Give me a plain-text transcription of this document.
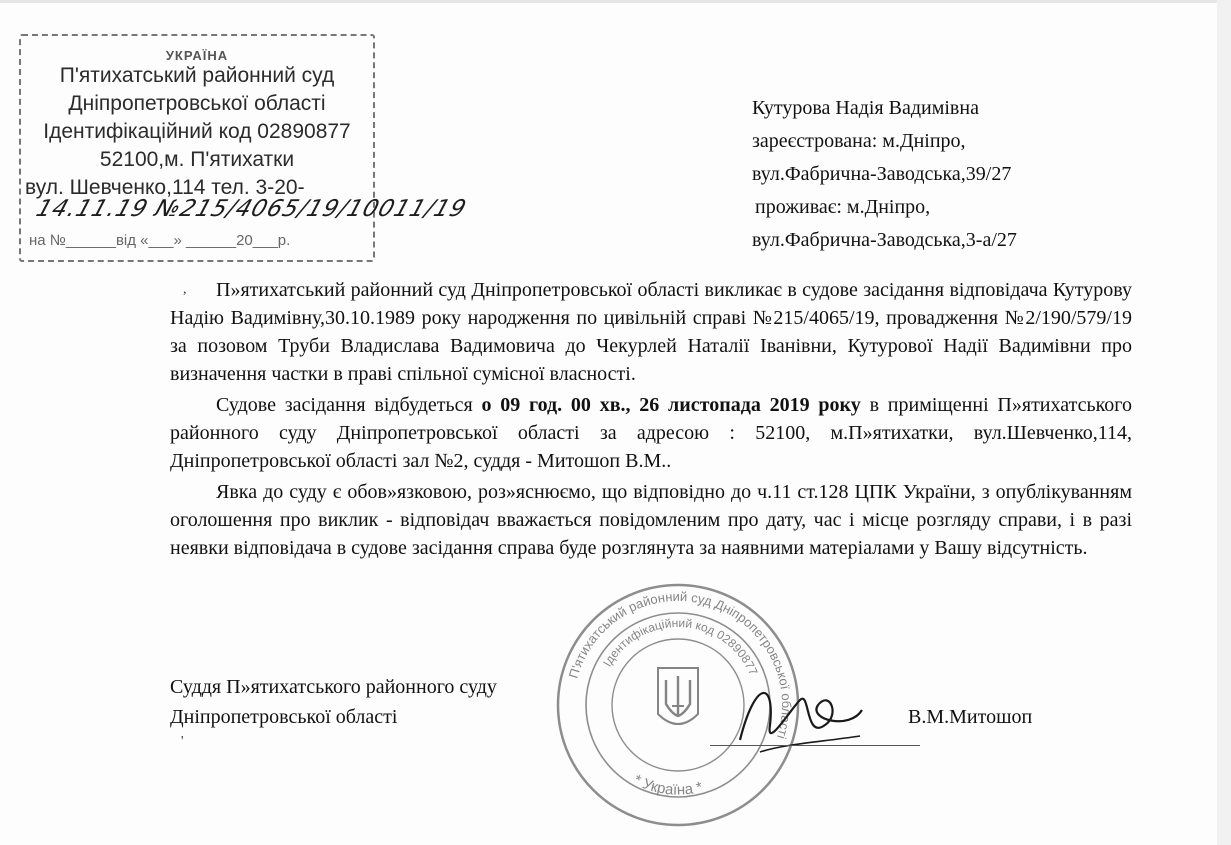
УКРАЇНА
П'ятихатський районний суд
Дніпропетровської області
Ідентифікаційний код 02890877
52100,м. П'ятихатки
вул. Шевченко,114 тел. 3-20-
14.11.19 №215/4065/19/10011/19
на №______від «___» ______20___р.
Кутурова Надія Вадимівна
зареєстрована: м.Дніпро,
вул.Фабрична-Заводська,39/27
проживає: м.Дніпро,
вул.Фабрична-Заводська,3-а/27
,	П»ятихатський районний суд Дніпропетровської області викликає в судове засідання відповідача Кутурову Надію Вадимівну,30.10.1989 року народження по цивільній справі №215/4065/19, провадження №2/190/579/19 за позовом Труби Владислава Вадимовича до Чекурлей Наталії Іванівни, Кутурової Надії Вадимівни про визначення частки в праві спільної сумісної власності.

Судове засідання відбудеться о 09 год. 00 хв., 26 листопада 2019 року в приміщенні П»ятихатського районного суду Дніпропетровської області за адресою : 52100, м.П»ятихатки, вул.Шевченко,114, Дніпропетровської області зал №2, суддя - Митошоп В.М..

Явка до суду є обов»язковою, роз»яснюємо, що відповідно до ч.11 ст.128 ЦПК України, з опублікуванням оголошення про виклик - відповідач вважається повідомленим про дату, час і місце розгляду справи, і в разі неявки відповідача в судове засідання справа буде розглянута за наявними матеріалами у Вашу відсутність.

П'ятихатський районний суд Дніпропетровської області
Ідентифікаційний код 02890877
* Україна *
Суддя П»ятихатського районного суду
Дніпропетровської області	В.М.Митошоп
'
